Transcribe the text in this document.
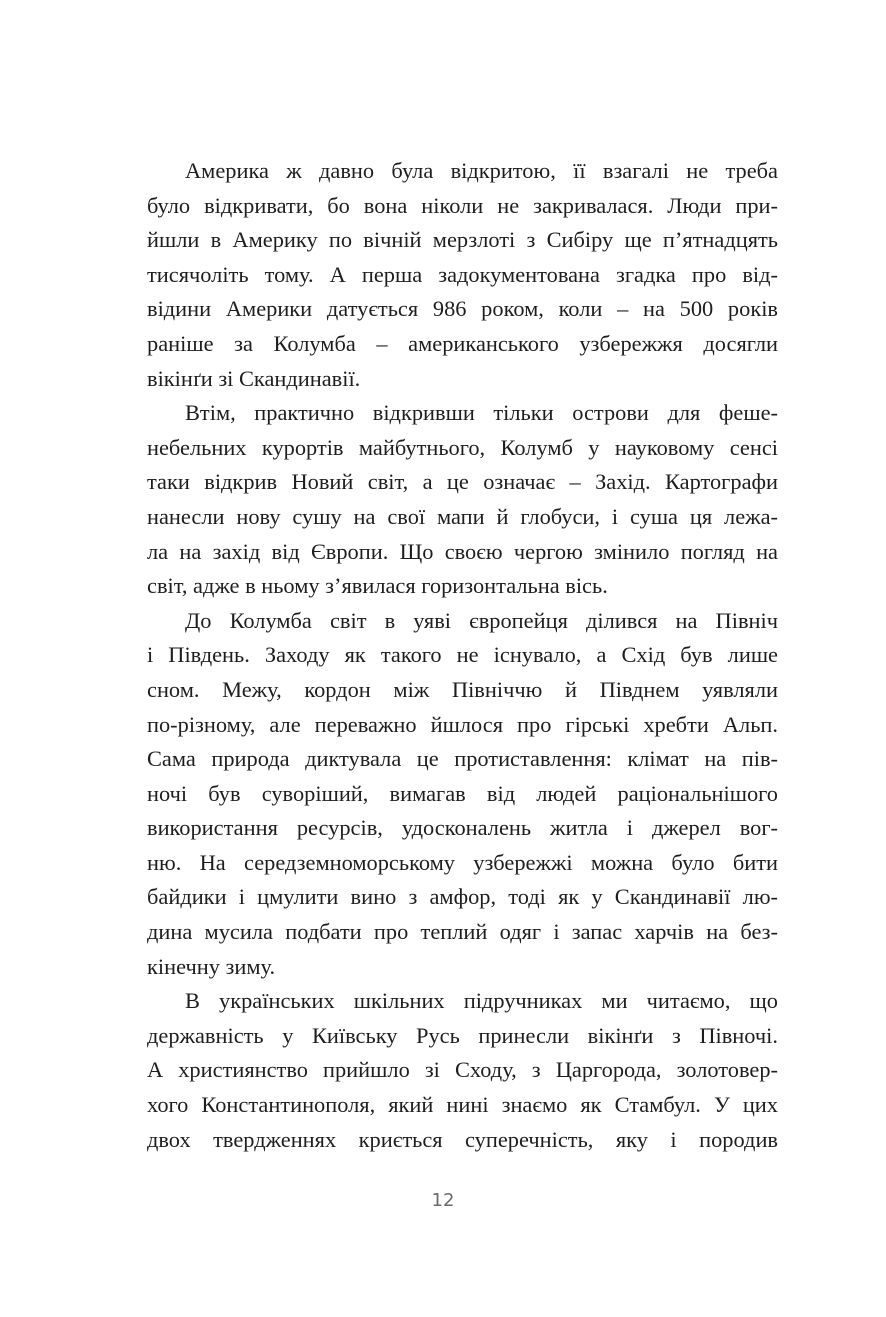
Америка ж давно була відкритою, її взагалі не треба
було відкривати, бо вона ніколи не закривалася. Люди при-
йшли в Америку по вічній мерзлоті з Сибіру ще п’ятнадцять
тисячоліть тому. А перша задокументована згадка про від-
відини Америки датується 986 роком, коли – на 500 років
раніше за Колумба – американського узбережжя досягли
вікінґи зі Скандинавії.
Втім, практично відкривши тільки острови для феше-
небельних курортів майбутнього, Колумб у науковому сенсі
таки відкрив Новий світ, а це означає – Захід. Картографи
нанесли нову сушу на свої мапи й глобуси, і суша ця лежа-
ла на захід від Європи. Що своєю чергою змінило погляд на
світ, адже в ньому з’явилася горизонтальна вісь.
До Колумба світ в уяві європейця ділився на Північ
і Південь. Заходу як такого не існувало, а Схід був лише
сном. Межу, кордон між Північчю й Півднем уявляли
по-різному, але переважно йшлося про гірські хребти Альп.
Сама природа диктувала це протиставлення: клімат на пів-
ночі був суворіший, вимагав від людей раціональнішого
використання ресурсів, удосконалень житла і джерел вог-
ню. На середземноморському узбережжі можна було бити
байдики і цмулити вино з амфор, тоді як у Скандинавії лю-
дина мусила подбати про теплий одяг і запас харчів на без-
кінечну зиму.
В українських шкільних підручниках ми читаємо, що
державність у Київську Русь принесли вікінґи з Півночі.
А християнство прийшло зі Сходу, з Царгорода, золотовер-
хого Константинополя, який нині знаємо як Стамбул. У цих
двох твердженнях криється суперечність, яку і породив
12
